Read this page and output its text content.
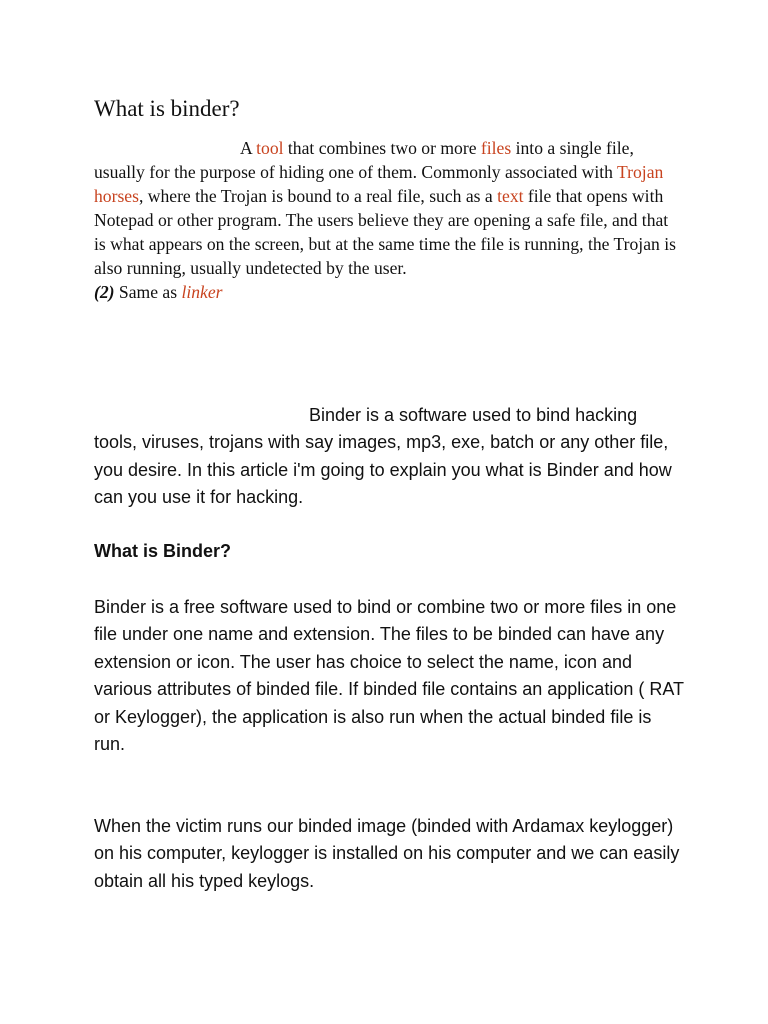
What is binder?

A tool that combines two or more files into a single file, usually for the purpose of hiding one of them. Commonly associated with Trojan horses, where the Trojan is bound to a real file, such as a text file that opens with Notepad or other program. The users believe they are opening a safe file, and that is what appears on the screen, but at the same time the file is running, the Trojan is also running, usually undetected by the user.
(2) Same as linker

Binder is a software used to bind hacking tools, viruses, trojans with say images, mp3, exe, batch or any other file, you desire. In this article i'm going to explain you what is Binder and how can you use it for hacking.

What is Binder?

Binder is a free software used to bind or combine two or more files in one file under one name and extension. The files to be binded can have any extension or icon. The user has choice to select the name, icon and various attributes of binded file. If binded file contains an application ( RAT or Keylogger), the application is also run when the actual binded file is run.

When the victim runs our binded image (binded with Ardamax keylogger) on his computer, keylogger is installed on his computer and we can easily obtain all his typed keylogs.
